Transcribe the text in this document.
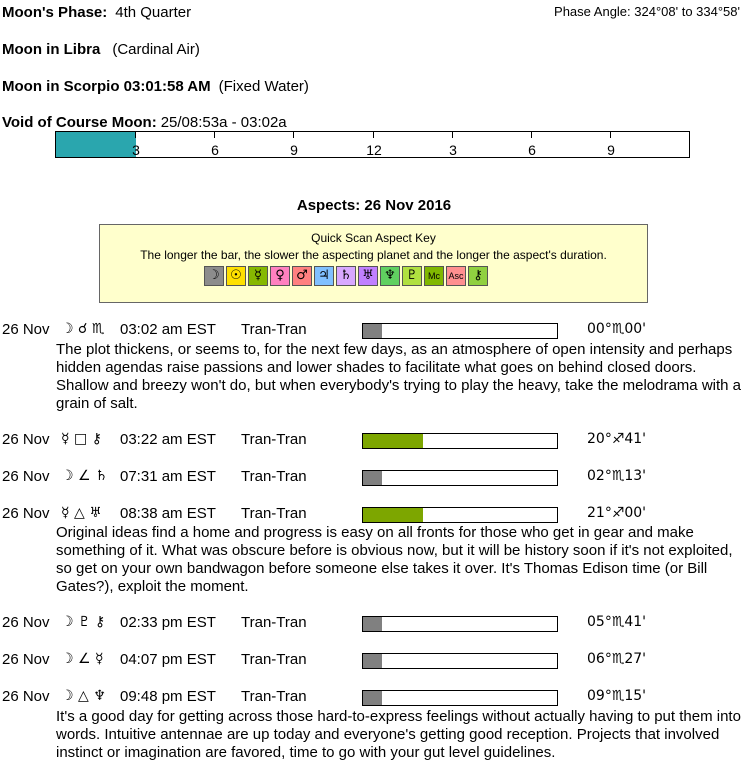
Moon's Phase: 4th Quarter	Phase Angle: 324°08' to 334°58'
Moon in Libra (Cardinal Air)
Moon in Scorpio 03:01:58 AM (Fixed Water)
Void of Course Moon: 25/08:53a - 03:02a
3	6	9	12	3	6	9
Aspects: 26 Nov 2016
Quick Scan Aspect Key
The longer the bar, the slower the aspecting planet and the longer the aspect's duration.
☽ ☉ ☿	♀ ♂ ♃ ♄ ♅ ♆ ♇	Mc Asc ⚷
26 Nov ☽ ☌ ♏ 03:02 am EST Tran-Tran	00°♏00'
The plot thickens, or seems to, for the next few days, as an atmosphere of open intensity and perhaps hidden agendas raise passions and lower shades to facilitate what goes on behind closed doors. Shallow and breezy won't do, but when everybody's trying to play the heavy, take the melodrama with a grain of salt.
26 Nov ☿ □ ⚷ 03:22 am EST Tran-Tran	20°♐41'
26 Nov ☽ ∠ ♄ 07:31 am EST Tran-Tran	02°♏13'
26 Nov ☿ △ ♅ 08:38 am EST Tran-Tran	21°♐00'
Original ideas find a home and progress is easy on all fronts for those who get in gear and make something of it. What was obscure before is obvious now, but it will be history soon if it's not exploited, so get on your own bandwagon before someone else takes it over. It's Thomas Edison time (or Bill Gates?), exploit the moment.
26 Nov ☽ ♇ ⚷ 02:33 pm EST Tran-Tran	05°♏41'
26 Nov ☽ ∠ ☿ 04:07 pm EST Tran-Tran	06°♏27'
26 Nov ☽ △ ♆ 09:48 pm EST Tran-Tran	09°♏15'
It's a good day for getting across those hard-to-express feelings without actually having to put them into words. Intuitive antennae are up today and everyone's getting good reception. Projects that involved instinct or imagination are favored, time to go with your gut level guidelines.
